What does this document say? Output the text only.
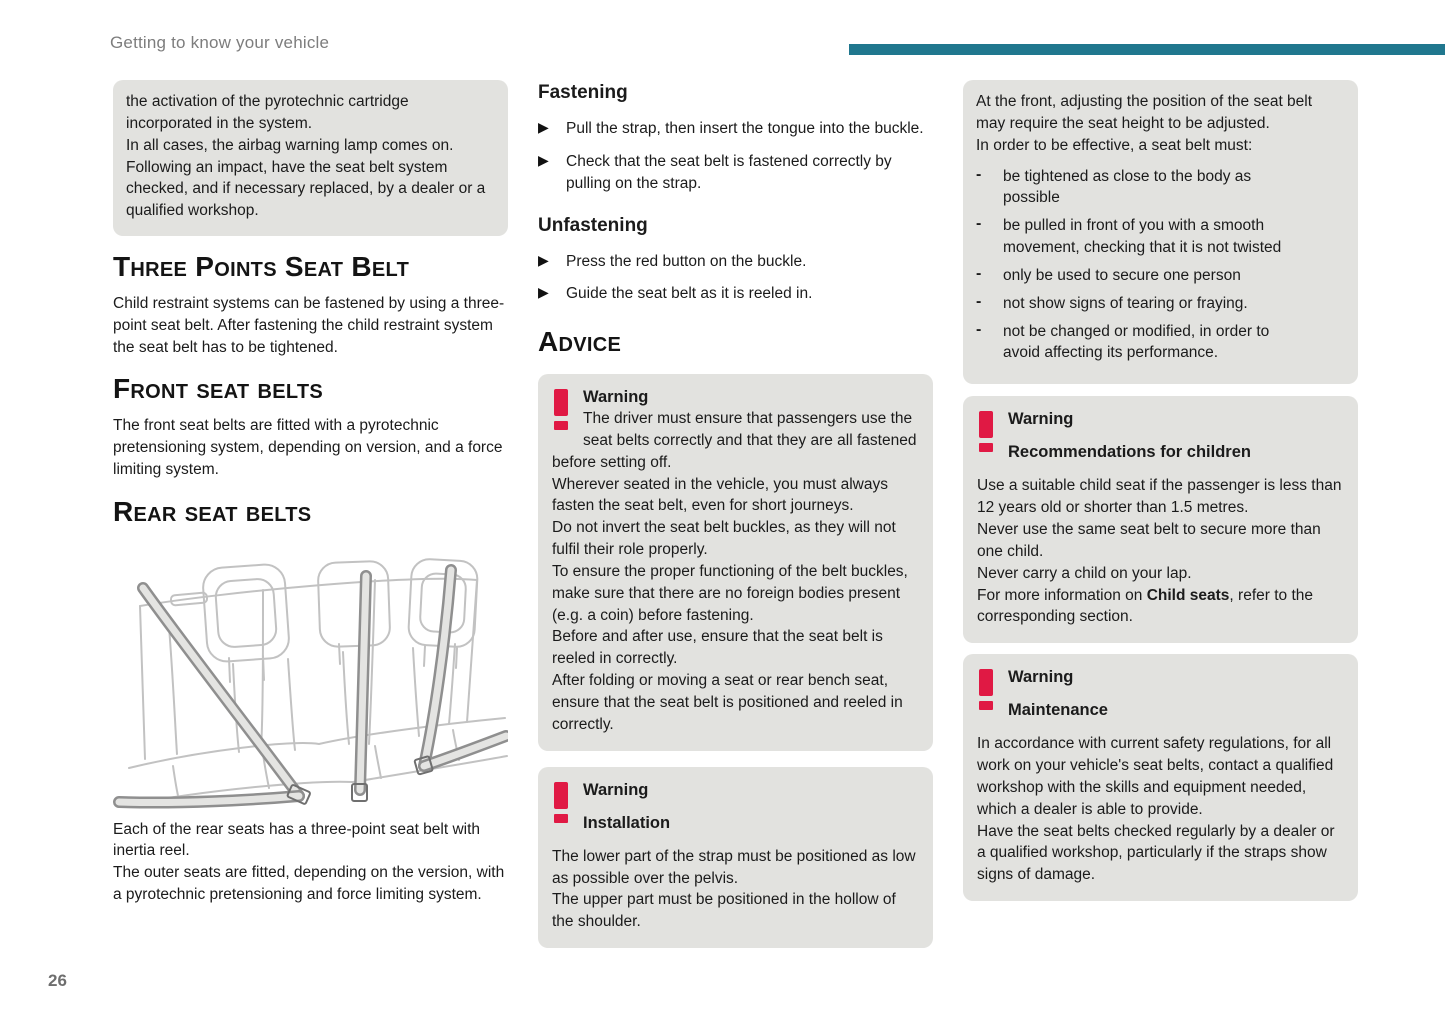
Getting to know your vehicle

the activation of the pyrotechnic cartridge incorporated in the system.

In all cases, the airbag warning lamp comes on.

Following an impact, have the seat belt system checked, and if necessary replaced, by a dealer or a qualified workshop.

Three Points Seat Belt

Child restraint systems can be fastened by using a three-point seat belt. After fastening the child restraint system the seat belt has to be tightened.

Front seat belts

The front seat belts are fitted with a pyrotechnic pretensioning system, depending on version, and a force limiting system.

Rear seat belts

Each of the rear seats has a three-point seat belt with inertia reel.

The outer seats are fitted, depending on the version, with a pyrotechnic pretensioning and force limiting system.

Fastening
▶	Pull the strap, then insert the tongue into the buckle.

▶	Check that the seat belt is fastened correctly by pulling on the strap.

Unfastening
▶	Press the red button on the buckle.

▶	Guide the seat belt as it is reeled in.

Advice
Warning

The driver must ensure that passengers use the seat belts correctly and that they are all fastened before setting off.

Wherever seated in the vehicle, you must always fasten the seat belt, even for short journeys.

Do not invert the seat belt buckles, as they will not fulfil their role properly.

To ensure the proper functioning of the belt buckles, make sure that there are no foreign bodies present (e.g. a coin) before fastening.

Before and after use, ensure that the seat belt is reeled in correctly.

After folding or moving a seat or rear bench seat, ensure that the seat belt is positioned and reeled in correctly.

Warning
Installation

The lower part of the strap must be positioned as low as possible over the pelvis.

The upper part must be positioned in the hollow of the shoulder.

At the front, adjusting the position of the seat belt may require the seat height to be adjusted.

In order to be effective, a seat belt must:

-	be tightened as close to the body as possible

-	be pulled in front of you with a smooth movement, checking that it is not twisted

-	only be used to secure one person

-	not show signs of tearing or fraying.

-	not be changed or modified, in order to avoid affecting its performance.

Warning
Recommendations for children

Use a suitable child seat if the passenger is less than 12 years old or shorter than 1.5 metres.

Never use the same seat belt to secure more than one child.

Never carry a child on your lap.

For more information on Child seats, refer to the corresponding section.

Warning
Maintenance

In accordance with current safety regulations, for all work on your vehicle's seat belts, contact a qualified workshop with the skills and equipment needed, which a dealer is able to provide.

Have the seat belts checked regularly by a dealer or a qualified workshop, particularly if the straps show signs of damage.

26
